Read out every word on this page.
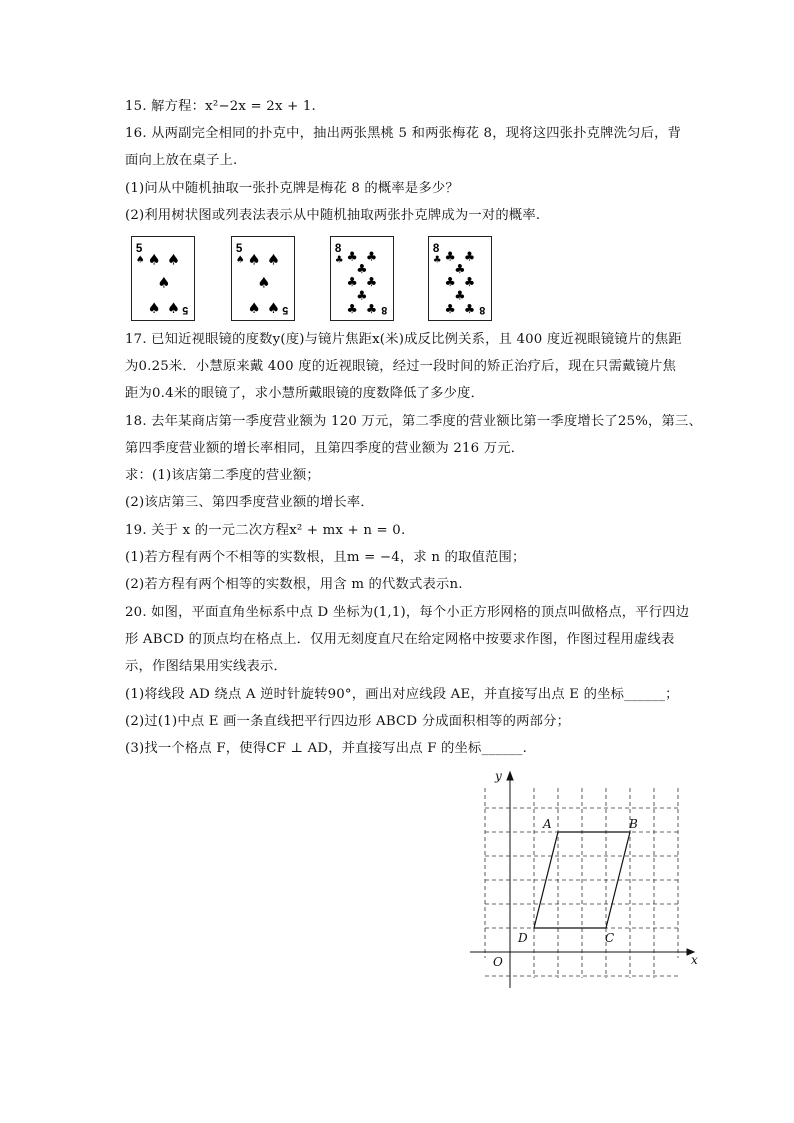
15. 解方程：x²−2x = 2x + 1.
16. 从两副完全相同的扑克中，抽出两张黑桃 5 和两张梅花 8，现将这四张扑克牌洗匀后，背
面向上放在桌子上.
(1)问从中随机抽取一张扑克牌是梅花 8 的概率是多少？
(2)利用树状图或列表法表示从中随机抽取两张扑克牌成为一对的概率.
5
♠ ♠ ♠
♠
♠ ♠ 5
5
♠ ♠ ♠
♠
♠ ♠ 5
8
♣ ♣ ♣
♣
♣ ♣
♣
♣ ♣ 8
8
♣ ♣ ♣
♣
♣ ♣
♣
♣ ♣ 8
17. 已知近视眼镜的度数y(度)与镜片焦距x(米)成反比例关系，且 400 度近视眼镜镜片的焦距
为0.25米．小慧原来戴 400 度的近视眼镜，经过一段时间的矫正治疗后，现在只需戴镜片焦
距为0.4米的眼镜了，求小慧所戴眼镜的度数降低了多少度．
18. 去年某商店第一季度营业额为 120 万元，第二季度的营业额比第一季度增长了25%，第三、
第四季度营业额的增长率相同，且第四季度的营业额为 216 万元．
求：(1)该店第二季度的营业额；
(2)该店第三、第四季度营业额的增长率．
19. 关于 x 的一元二次方程x² + mx + n = 0.
(1)若方程有两个不相等的实数根，且m = −4，求 n 的取值范围；
(2)若方程有两个相等的实数根，用含 m 的代数式表示n.
20. 如图，平面直角坐标系中点 D 坐标为(1,1)，每个小正方形网格的顶点叫做格点，平行四边
形 ABCD 的顶点均在格点上．仅用无刻度直尺在给定网格中按要求作图，作图过程用虚线表
示，作图结果用实线表示．
(1)将线段 AD 绕点 A 逆时针旋转90°，画出对应线段 AE，并直接写出点 E 的坐标______；
(2)过(1)中点 E 画一条直线把平行四边形 ABCD 分成面积相等的两部分；
(3)找一个格点 F，使得CF ⊥ AD，并直接写出点 F 的坐标______.
x
y
O
A	B
C
D
